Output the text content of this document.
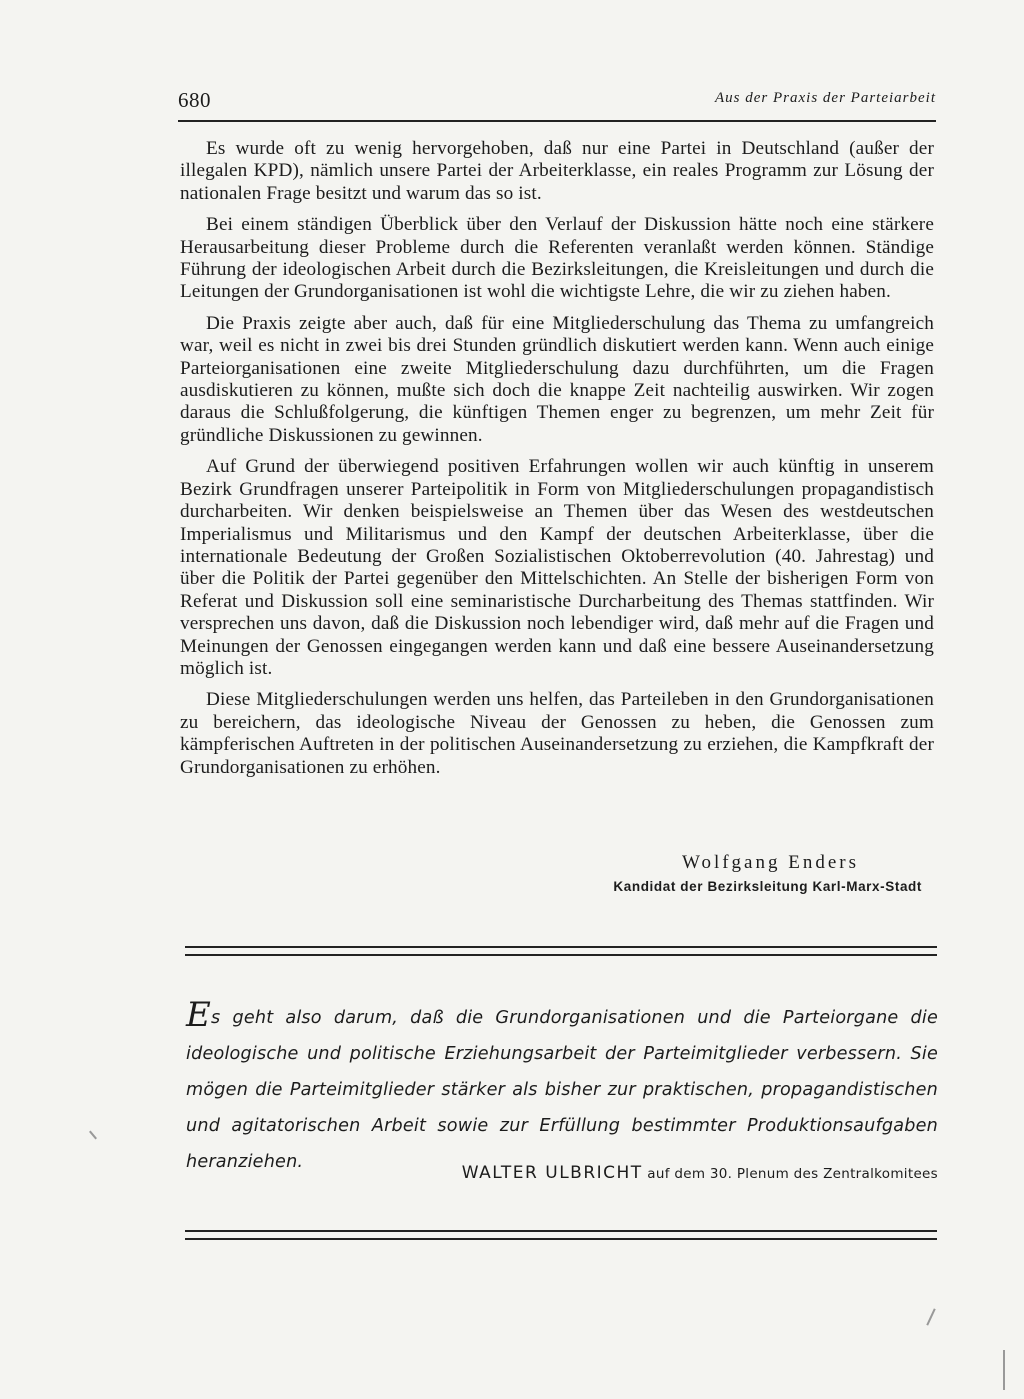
680	Aus der Praxis der Parteiarbeit

Es wurde oft zu wenig hervorgehoben, daß nur eine Partei in Deutschland (außer der illegalen KPD), nämlich unsere Partei der Arbeiterklasse, ein reales Programm zur Lösung der nationalen Frage besitzt und warum das so ist.

Bei einem ständigen Überblick über den Verlauf der Diskussion hätte noch eine stärkere Herausarbeitung dieser Probleme durch die Referenten veranlaßt werden können. Ständige Führung der ideologischen Arbeit durch die Bezirksleitungen, die Kreisleitungen und durch die Leitungen der Grundorganisationen ist wohl die wichtigste Lehre, die wir zu ziehen haben.

Die Praxis zeigte aber auch, daß für eine Mitgliederschulung das Thema zu umfangreich war, weil es nicht in zwei bis drei Stunden gründlich diskutiert werden kann. Wenn auch einige Parteiorganisationen eine zweite Mitgliederschulung dazu durchführten, um die Fragen ausdiskutieren zu können, mußte sich doch die knappe Zeit nachteilig auswirken. Wir zogen daraus die Schlußfolgerung, die künftigen Themen enger zu begrenzen, um mehr Zeit für gründliche Diskussionen zu gewinnen.

Auf Grund der überwiegend positiven Erfahrungen wollen wir auch künftig in unserem Bezirk Grundfragen unserer Parteipolitik in Form von Mitgliederschulungen propagandistisch durcharbeiten. Wir denken beispielsweise an Themen über das Wesen des westdeutschen Imperialismus und Militarismus und den Kampf der deutschen Arbeiterklasse, über die internationale Bedeutung der Großen Sozialistischen Oktoberrevolution (40. Jahrestag) und über die Politik der Partei gegenüber den Mittelschichten. An Stelle der bisherigen Form von Referat und Diskussion soll eine seminaristische Durcharbeitung des Themas stattfinden. Wir versprechen uns davon, daß die Diskussion noch lebendiger wird, daß mehr auf die Fragen und Meinungen der Genossen eingegangen werden kann und daß eine bessere Auseinandersetzung möglich ist.

Diese Mitgliederschulungen werden uns helfen, das Parteileben in den Grundorganisationen zu bereichern, das ideologische Niveau der Genossen zu heben, die Genossen zum kämpferischen Auftreten in der politischen Auseinandersetzung zu erziehen, die Kampfkraft der Grundorganisationen zu erhöhen.

Wolfgang Enders
Kandidat der Bezirksleitung Karl-Marx-Stadt
Es geht also darum, daß die Grundorganisationen und die Parteiorgane die ideologische und politische Erziehungsarbeit der Parteimitglieder verbessern. Sie mögen die Parteimitglieder stärker als bisher zur praktischen, propagandistischen und agitatorischen Arbeit sowie zur Erfüllung bestimmter Produktionsaufgaben heranziehen.
WALTER ULBRICHT auf dem 30. Plenum des Zentralkomitees
